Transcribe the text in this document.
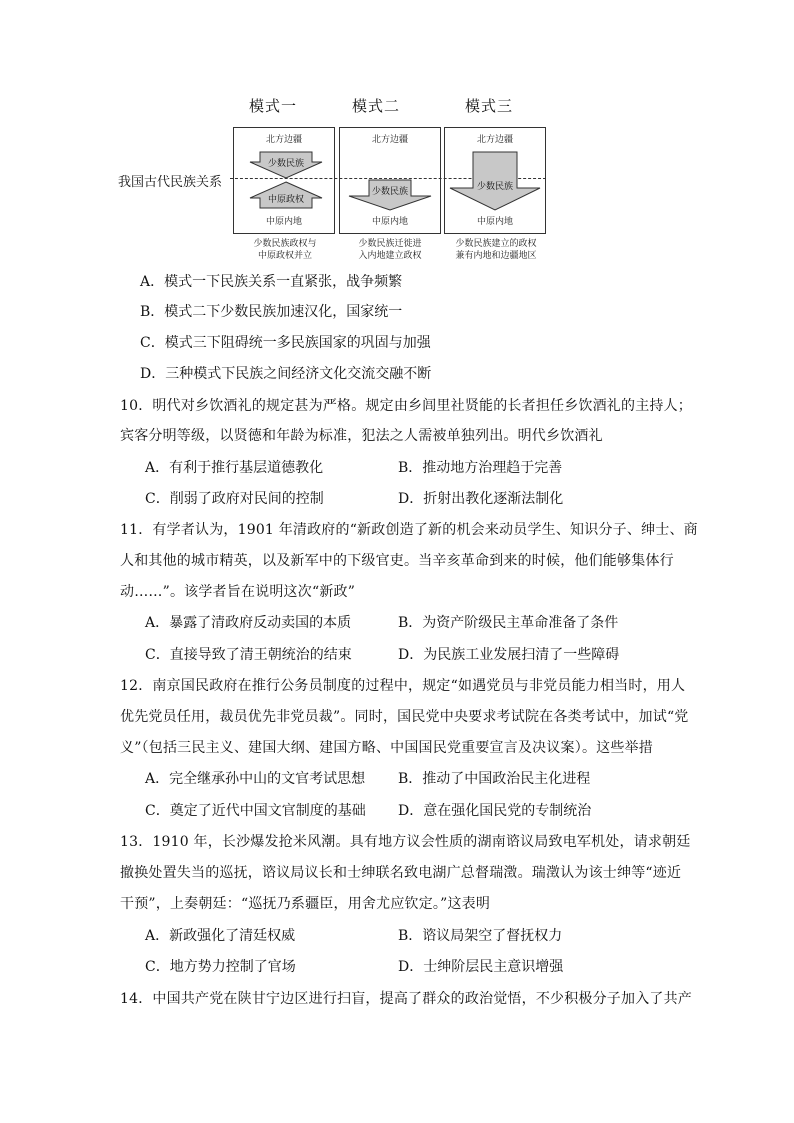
模式一	模式二	模式三
我国古代民族关系
北方边疆
中原内地
北方边疆
中原内地
北方边疆
中原内地
少数民族
中原政权
少数民族	少数民族
少数民族政权与
中原政权并立
少数民族迁徙进
入内地建立政权
少数民族建立的政权
兼有内地和边疆地区
A．模式一下民族关系一直紧张，战争频繁
B．模式二下少数民族加速汉化，国家统一
C．模式三下阻碍统一多民族国家的巩固与加强
D．三种模式下民族之间经济文化交流交融不断
10．明代对乡饮酒礼的规定甚为严格。规定由乡闾里社贤能的长者担任乡饮酒礼的主持人；
宾客分明等级，以贤德和年龄为标准，犯法之人需被单独列出。明代乡饮酒礼
A．有利于推行基层道德教化	B．推动地方治理趋于完善
C．削弱了政府对民间的控制	D．折射出教化逐渐法制化
11．有学者认为，1901 年清政府的“新政创造了新的机会来动员学生、知识分子、绅士、商
人和其他的城市精英，以及新军中的下级官吏。当辛亥革命到来的时候，他们能够集体行
动……”。该学者旨在说明这次“新政”
A．暴露了清政府反动卖国的本质	B．为资产阶级民主革命准备了条件
C．直接导致了清王朝统治的结束	D．为民族工业发展扫清了一些障碍
12．南京国民政府在推行公务员制度的过程中，规定“如遇党员与非党员能力相当时，用人
优先党员任用，裁员优先非党员裁”。同时，国民党中央要求考试院在各类考试中，加试“党
义”（包括三民主义、建国大纲、建国方略、中国国民党重要宣言及决议案）。这些举措
A．完全继承孙中山的文官考试思想 B．推动了中国政治民主化进程
C．奠定了近代中国文官制度的基础 D．意在强化国民党的专制统治
13．1910 年，长沙爆发抢米风潮。具有地方议会性质的湖南谘议局致电军机处，请求朝廷
撤换处置失当的巡抚，谘议局议长和士绅联名致电湖广总督瑞澂。瑞澂认为该士绅等“迹近
干预”，上奏朝廷：“巡抚乃系疆臣，用舍尤应钦定。”这表明
A．新政强化了清廷权威	B．谘议局架空了督抚权力
C．地方势力控制了官场	D．士绅阶层民主意识增强
14．中国共产党在陕甘宁边区进行扫盲，提高了群众的政治觉悟，不少积极分子加入了共产
